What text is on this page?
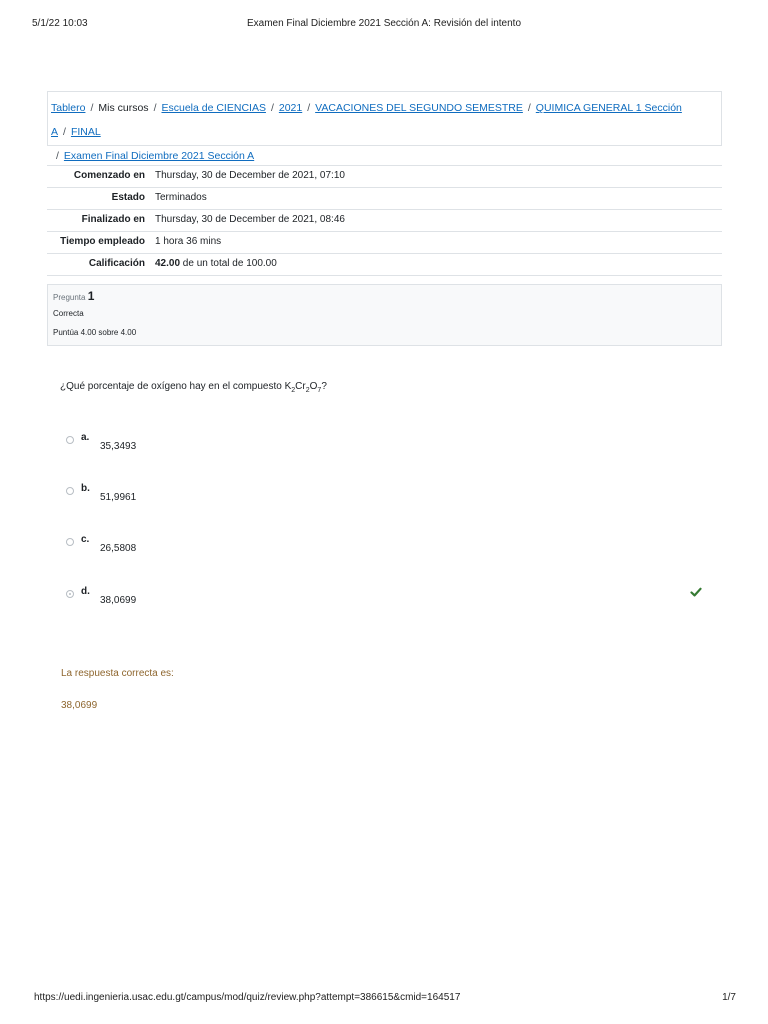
5/1/22 10:03	Examen Final Diciembre 2021 Sección A: Revisión del intento
Tablero / Mis cursos / Escuela de CIENCIAS / 2021 / VACACIONES DEL SEGUNDO SEMESTRE / QUIMICA GENERAL 1 Sección A / FINAL
/ Examen Final Diciembre 2021 Sección A
Comenzado en	Thursday, 30 de December de 2021, 07:10
Estado	Terminados
Finalizado en	Thursday, 30 de December de 2021, 08:46
Tiempo empleado	1 hora 36 mins
Calificación	42.00 de un total de 100.00
Pregunta 1
Correcta
Puntúa 4.00 sobre 4.00
¿Qué porcentaje de oxígeno hay en el compuesto $K_2Cr_2O_7$?
a.
35,3493
b.
51,9961
c.
26,5808
d.
38,0699
La respuesta correcta es:
38,0699
https://uedi.ingenieria.usac.edu.gt/campus/mod/quiz/review.php?attempt=386615&cmid=164517	1/7
